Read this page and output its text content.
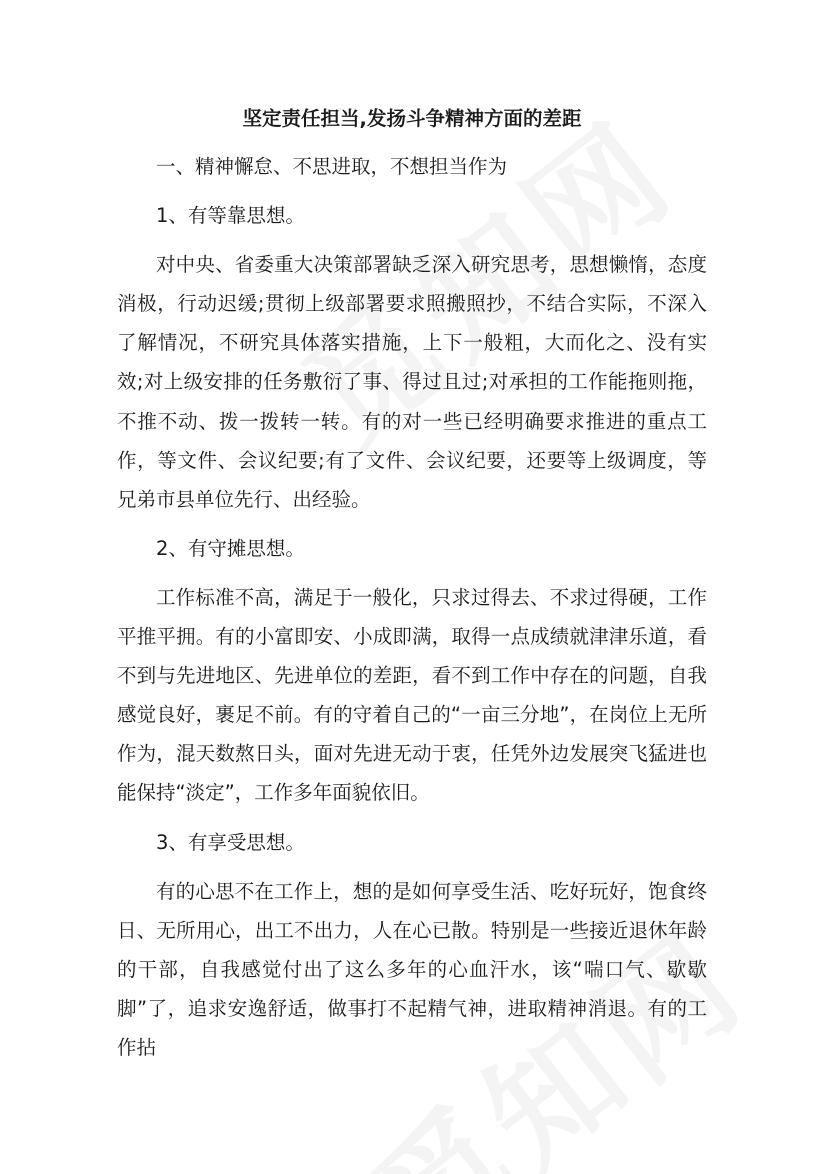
坚定责任担当,发扬斗争精神方面的差距

一、精神懈怠、不思进取，不想担当作为

1、有等靠思想。

对中央、省委重大决策部署缺乏深入研究思考，思想懒惰，态度消极，行动迟缓;贯彻上级部署要求照搬照抄，不结合实际，不深入了解情况，不研究具体落实措施，上下一般粗，大而化之、没有实效;对上级安排的任务敷衍了事、得过且过;对承担的工作能拖则拖，不推不动、拨一拨转一转。有的对一些已经明确要求推进的重点工作，等文件、会议纪要;有了文件、会议纪要，还要等上级调度，等兄弟市县单位先行、出经验。

2、有守摊思想。

工作标准不高，满足于一般化，只求过得去、不求过得硬，工作平推平拥。有的小富即安、小成即满，取得一点成绩就津津乐道，看不到与先进地区、先进单位的差距，看不到工作中存在的问题，自我感觉良好，裹足不前。有的守着自己的“一亩三分地”，在岗位上无所作为，混天数熬日头，面对先进无动于衷，任凭外边发展突飞猛进也能保持“淡定”，工作多年面貌依旧。

3、有享受思想。

有的心思不在工作上，想的是如何享受生活、吃好玩好，饱食终日、无所用心，出工不出力，人在心已散。特别是一些接近退休年龄的干部，自我感觉付出了这么多年的心血汗水，该“喘口气、歇歇脚”了，追求安逸舒适，做事打不起精气神，进取精神消退。有的工作拈
